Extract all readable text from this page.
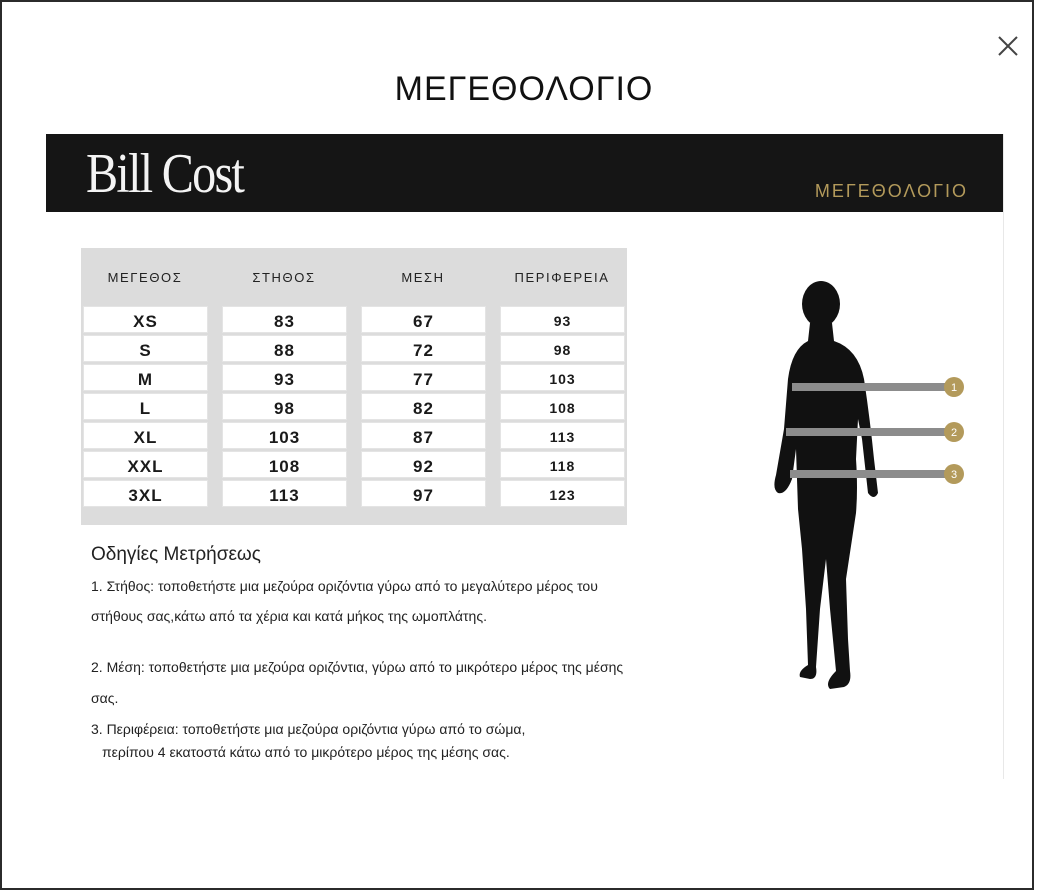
ΜΕΓΕΘΟΛΟΓΙΟ
Bill Cost	ΜΕΓΕΘΟΛΟΓΙΟ
ΜΕΓΕΘΟΣ	ΣΤΗΘΟΣ	ΜΕΣΗ	ΠΕΡΙΦΕΡΕΙΑ
XS	83	67	93
S	88	72	98
M	93	77	103
L	98	82	108
XL	103	87	113
XXL	108	92	118
3XL	113	97	123
Οδηγίες Μετρήσεως
1. Στήθος: τοποθετήστε μια μεζούρα οριζόντια γύρω από το μεγαλύτερο μέρος του
στήθους σας,κάτω από τα χέρια και κατά μήκος της ωμοπλάτης.
2. Μέση: τοποθετήστε μια μεζούρα οριζόντια, γύρω από το μικρότερο μέρος της μέσης
σας.
3. Περιφέρεια: τοποθετήστε μια μεζούρα οριζόντια γύρω από το σώμα,
περίπου 4 εκατοστά κάτω από το μικρότερο μέρος της μέσης σας.
1
2
3
